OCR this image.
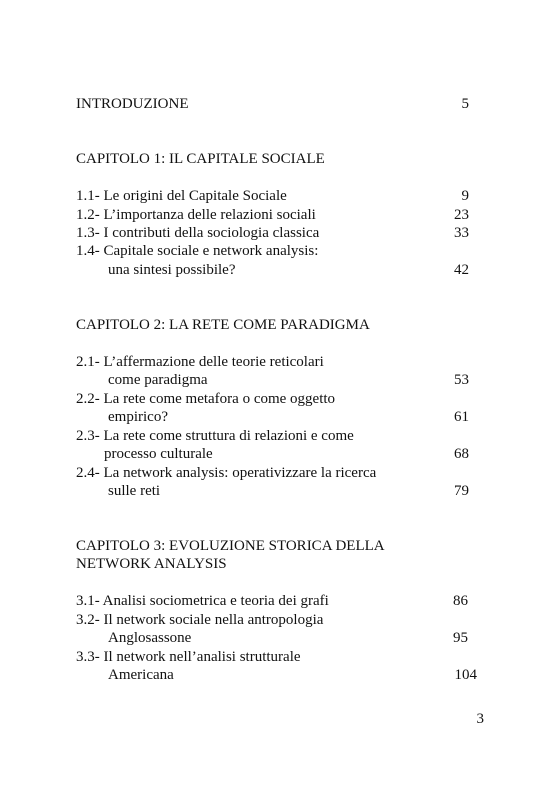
INTRODUZIONE	5
CAPITOLO 1: IL CAPITALE SOCIALE
1.1- Le origini del Capitale Sociale	9
1.2- L’importanza delle relazioni sociali	23
1.3- I contributi della sociologia classica	33
1.4- Capitale sociale e network analysis:
una sintesi possibile?	42
CAPITOLO 2: LA RETE COME PARADIGMA
2.1- L’affermazione delle teorie reticolari
come paradigma	53
2.2- La rete come metafora o come oggetto
empirico?	61
2.3- La rete come struttura di relazioni e come
processo culturale	68
2.4- La network analysis: operativizzare la ricerca
sulle reti	79
CAPITOLO 3: EVOLUZIONE STORICA DELLA
NETWORK ANALYSIS
3.1- Analisi sociometrica e teoria dei grafi	86
3.2- Il network sociale nella antropologia
Anglosassone	95
3.3- Il network nell’analisi strutturale
Americana	104
3
